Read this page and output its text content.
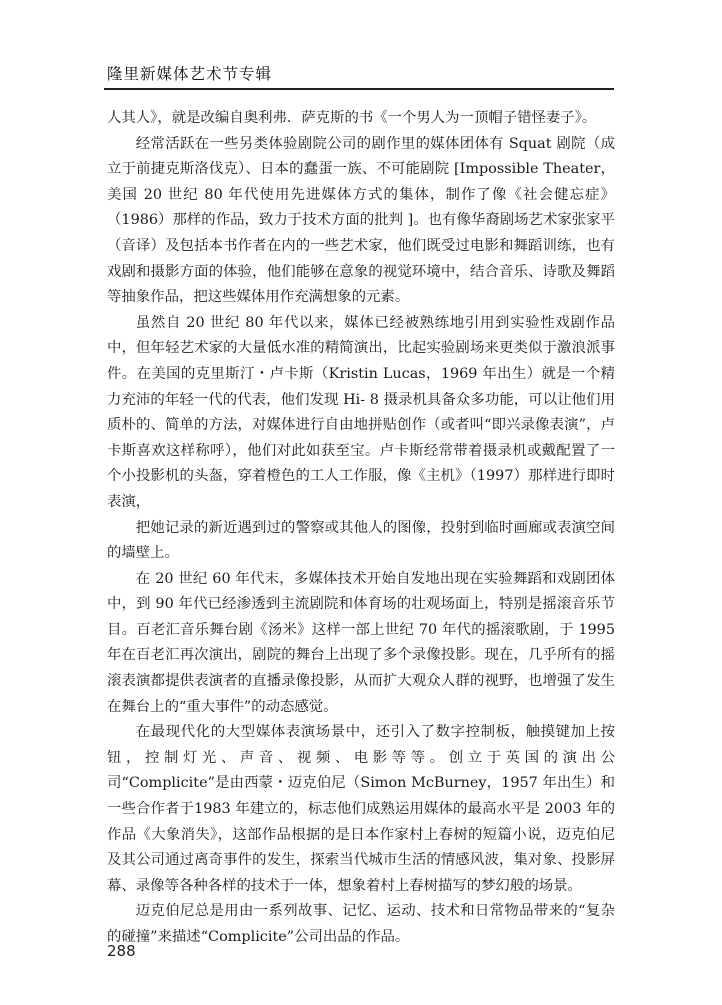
隆里新媒体艺术节专辑

人其人》，就是改编自奥利弗．萨克斯的书《一个男人为一顶帽子错怪妻子》。

经常活跃在一些另类体验剧院公司的剧作里的媒体团体有 Squat 剧院（成立于前捷克斯洛伐克）、日本的蠢蛋一族、不可能剧院 [Impossible Theater，美国 20 世纪 80 年代使用先进媒体方式的集体，制作了像《社会健忘症》（1986）那样的作品，致力于技术方面的批判 ]。也有像华裔剧场艺术家张家平（音译）及包括本书作者在内的一些艺术家，他们既受过电影和舞蹈训练，也有戏剧和摄影方面的体验，他们能够在意象的视觉环境中，结合音乐、诗歌及舞蹈等抽象作品，把这些媒体用作充满想象的元素。

虽然自 20 世纪 80 年代以来，媒体已经被熟练地引用到实验性戏剧作品中，但年轻艺术家的大量低水准的精简演出，比起实验剧场来更类似于激浪派事件。在美国的克里斯汀・卢卡斯（Kristin Lucas，1969 年出生）就是一个精力充沛的年轻一代的代表，他们发现 Hi- 8 摄录机具备众多功能，可以让他们用质朴的、简单的方法，对媒体进行自由地拼贴创作（或者叫“即兴录像表演”，卢卡斯喜欢这样称呼），他们对此如获至宝。卢卡斯经常带着摄录机或戴配置了一个小投影机的头盔，穿着橙色的工人工作服，像《主机》（1997）那样进行即时表演，

把她记录的新近遇到过的警察或其他人的图像，投射到临时画廊或表演空间的墙壁上。

在 20 世纪 60 年代末，多媒体技术开始自发地出现在实验舞蹈和戏剧团体中，到 90 年代已经渗透到主流剧院和体育场的壮观场面上，特别是摇滚音乐节目。百老汇音乐舞台剧《汤米》这样一部上世纪 70 年代的摇滚歌剧，于 1995 年在百老汇再次演出，剧院的舞台上出现了多个录像投影。现在，几乎所有的摇滚表演都提供表演者的直播录像投影，从而扩大观众人群的视野，也增强了发生在舞台上的“重大事件”的动态感觉。

在最现代化的大型媒体表演场景中，还引入了数字控制板，触摸键加上按钮，控制灯光、声音、视频、电影等等。创立于英国的演出公司“Complicite”是由西蒙・迈克伯尼（Simon McBurney，1957 年出生）和一些合作者于1983 年建立的，标志他们成熟运用媒体的最高水平是 2003 年的作品《大象消失》，这部作品根据的是日本作家村上春树的短篇小说，迈克伯尼及其公司通过离奇事件的发生，探索当代城市生活的情感风波，集对象、投影屏幕、录像等各种各样的技术于一体，想象着村上春树描写的梦幻般的场景。

迈克伯尼总是用由一系列故事、记忆、运动、技术和日常物品带来的“复杂的碰撞”来描述“Complicite”公司出品的作品。

288
